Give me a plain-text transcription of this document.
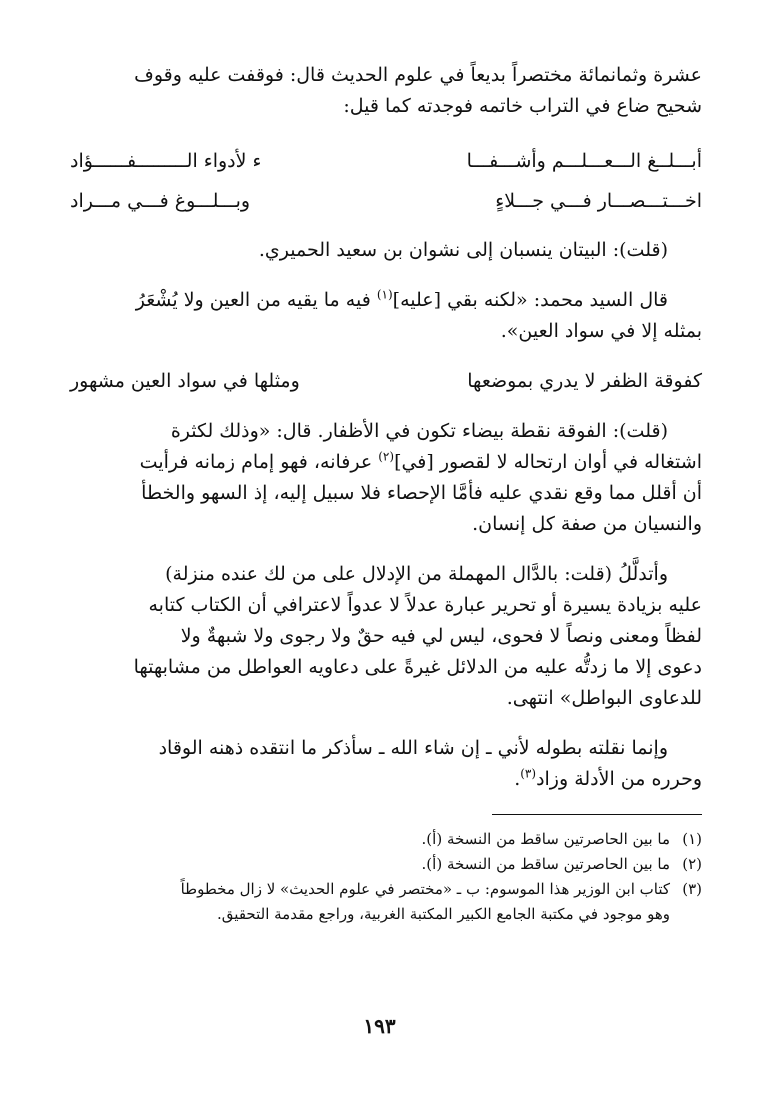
عشرة وثمانمائة مختصراً بديعاً في علوم الحديث قال: فوقفت عليه وقوف

شحيح ضاع في التراب خاتمه فوجدته كما قيل:

أبـــلــغ الـــعـــلـــم وأشـــفـــا
ء لأدواء الـــــــــفــــــؤاد
اخـــتـــصـــار فـــي جـــلاءٍ
وبـــلـــوغ فـــي مـــراد

(قلت): البيتان ينسبان إلى نشوان بن سعيد الحميري.

قال السيد محمد: «لكنه بقي [عليه]$^{(١)}$ فيه ما يقيه من العين ولا يُشْعَرُ

بمثله إلا في سواد العين».

كفوقة الظفر لا يدري بموضعها
ومثلها في سواد العين مشهور

(قلت): الفوقة نقطة بيضاء تكون في الأظفار. قال: «وذلك لكثرة

اشتغاله في أوان ارتحاله لا لقصور [في]$^{(٢)}$ عرفانه، فهو إمام زمانه فرأيت

أن أقلل مما وقع نقدي عليه فأمَّا الإحصاء فلا سبيل إليه، إذ السهو والخطأ

والنسيان من صفة كل إنسان.

وأتدلَّلُ (قلت: بالدَّال المهملة من الإدلال على من لك عنده منزلة)

عليه بزيادة يسيرة أو تحرير عبارة عدلاً لا عدواً لاعترافي أن الكتاب كتابه

لفظاً ومعنى ونصاً لا فحوى، ليس لي فيه حقٌ ولا رجوى ولا شبهةٌ ولا

دعوى إلا ما زدتُّه عليه من الدلائل غيرةً على دعاويه العواطل من مشابهتها

للدعاوى البواطل» انتهى.

وإنما نقلته بطوله لأني ـ إن شاء الله ـ سأذكر ما انتقده ذهنه الوقاد

وحرره من الأدلة وزاد$^{(٣)}$.

(١)
ما بين الحاصرتين ساقط من النسخة (أ).
(٢)
ما بين الحاصرتين ساقط من النسخة (أ).
(٣)
كتاب ابن الوزير هذا الموسوم: ب ـ «مختصر في علوم الحديث» لا زال مخطوطاً
وهو موجود في مكتبة الجامع الكبير المكتبة الغربية، وراجع مقدمة التحقيق.
١٩٣
